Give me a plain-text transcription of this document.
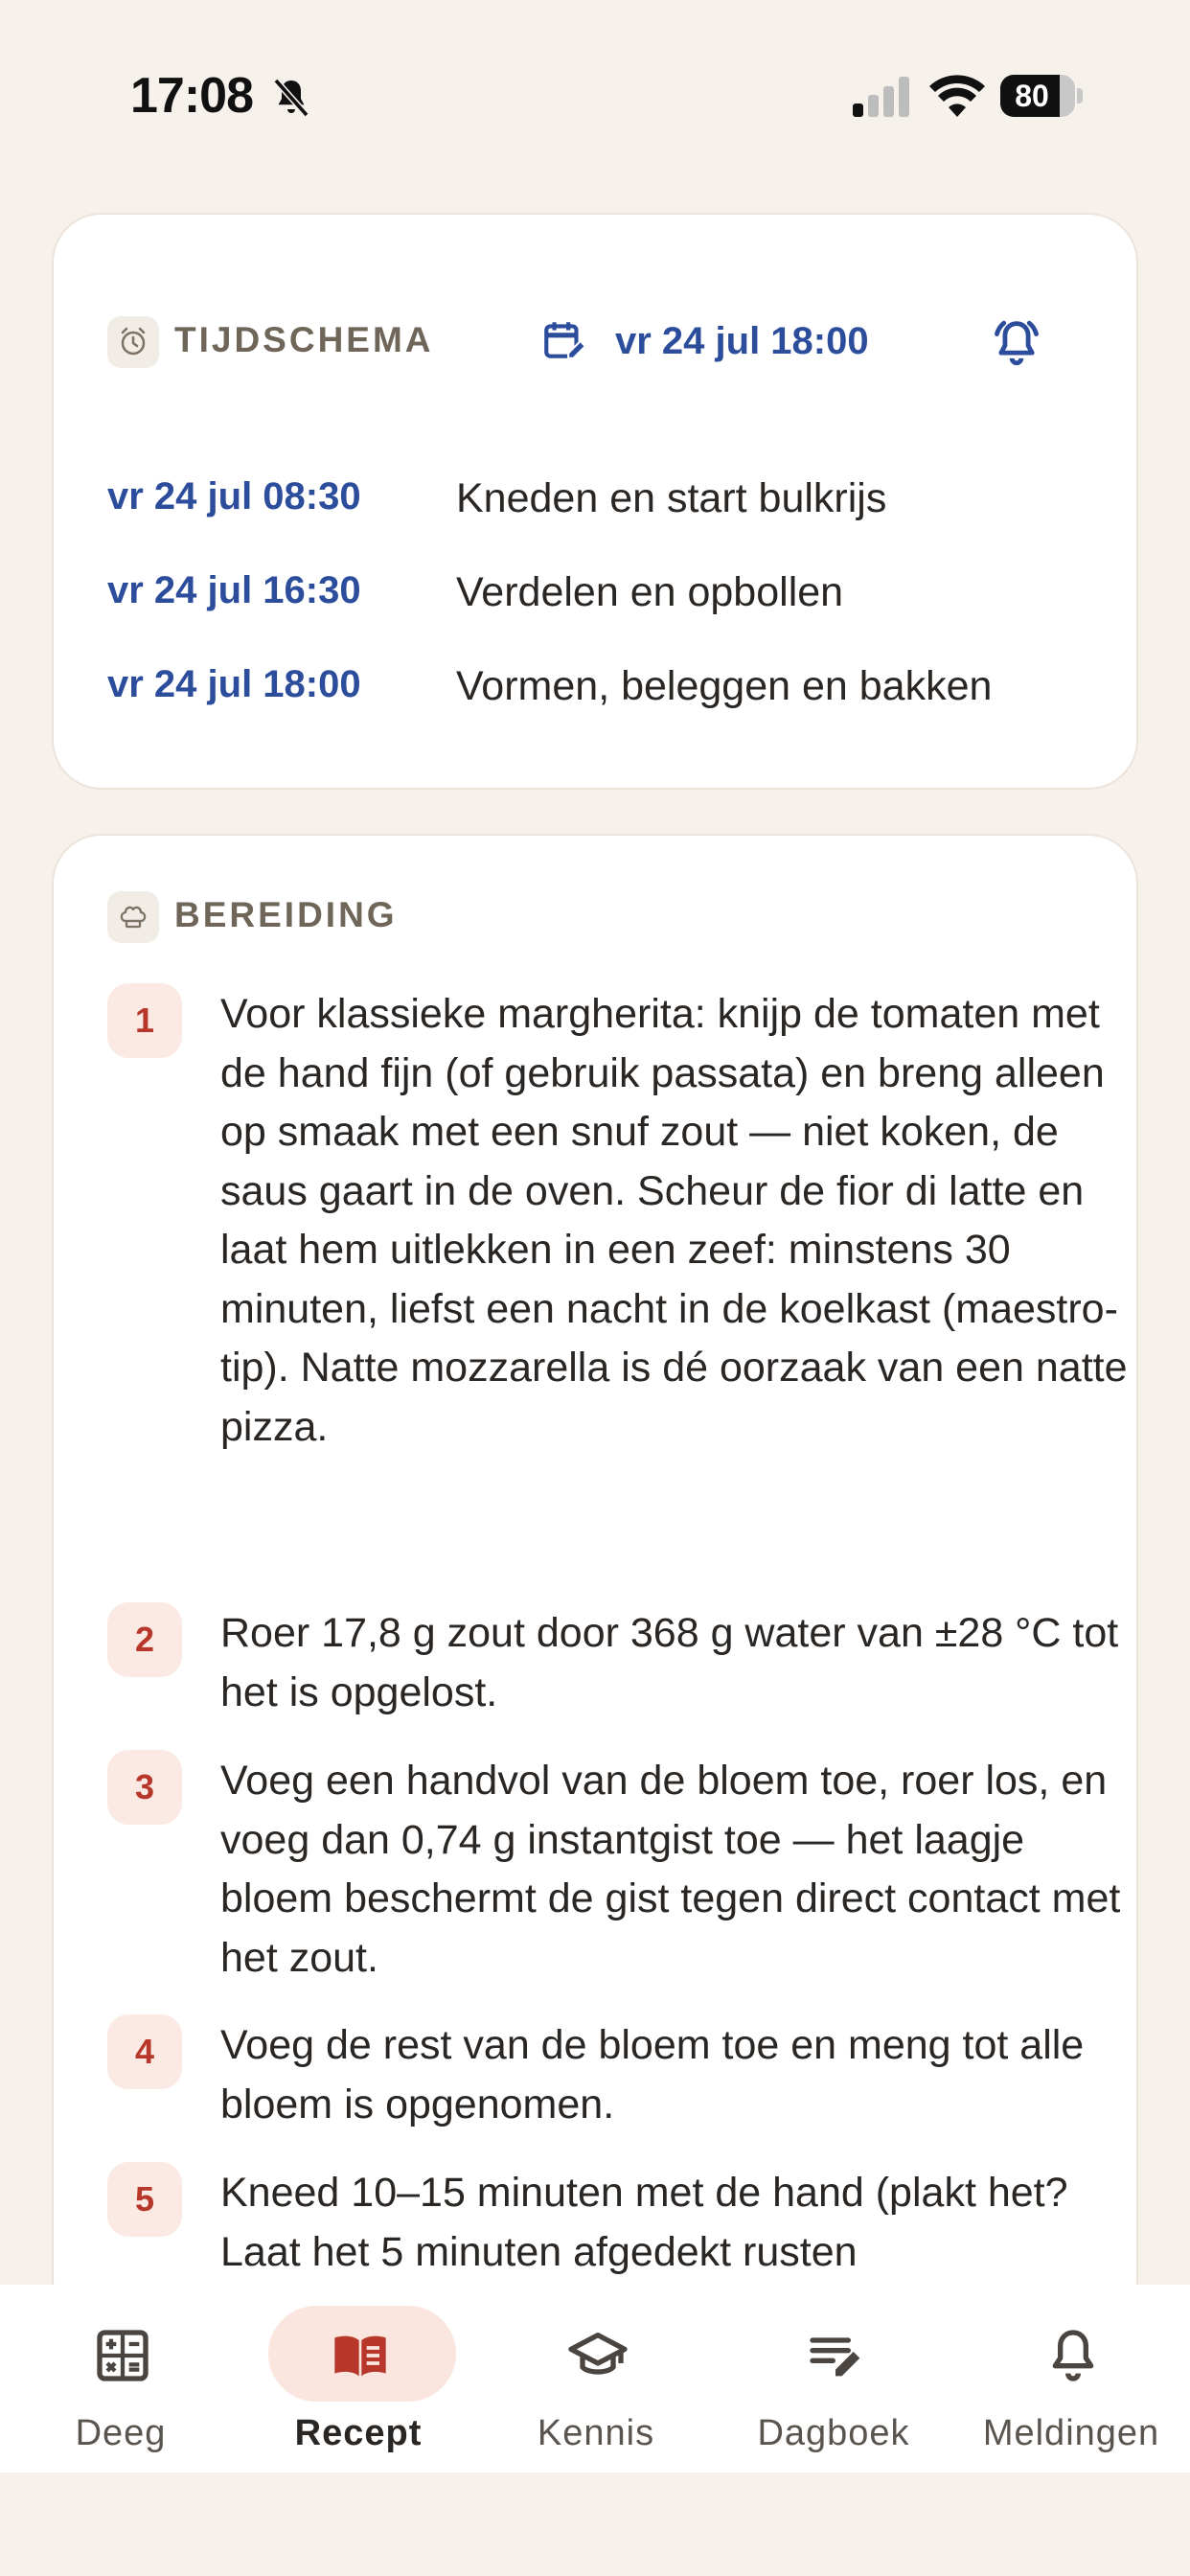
17:08	80
TIJDSCHEMA	vr 24 jul 18:00
vr 24 jul 08:30 Kneden en start bulkrijs
vr 24 jul 16:30 Verdelen en opbollen
vr 24 jul 18:00 Vormen, beleggen en bakken
BEREIDING
1	Voor klassieke margherita: knijp de tomaten met de hand fijn (of gebruik passata) en breng alleen op smaak met een snuf zout — niet koken, de saus gaart in de oven. Scheur de fior di latte en laat hem uitlekken in een zeef: minstens 30 minuten, liefst een nacht in de koelkast (maestro-tip). Natte mozzarella is dé oorzaak van een natte pizza.
2	Roer 17,8 g zout door 368 g water van ±28 °C tot het is opgelost.
3	Voeg een handvol van de bloem toe, roer los, en voeg dan 0,74 g instantgist toe — het laagje bloem beschermt de gist tegen direct contact met het zout.
4	Voeg de rest van de bloem toe en meng tot alle bloem is opgenomen.
5	Kneed 10–15 minuten met de hand (plakt het? Laat het 5 minuten afgedekt rusten
Deeg	Recept	Kennis	Dagboek	Meldingen
